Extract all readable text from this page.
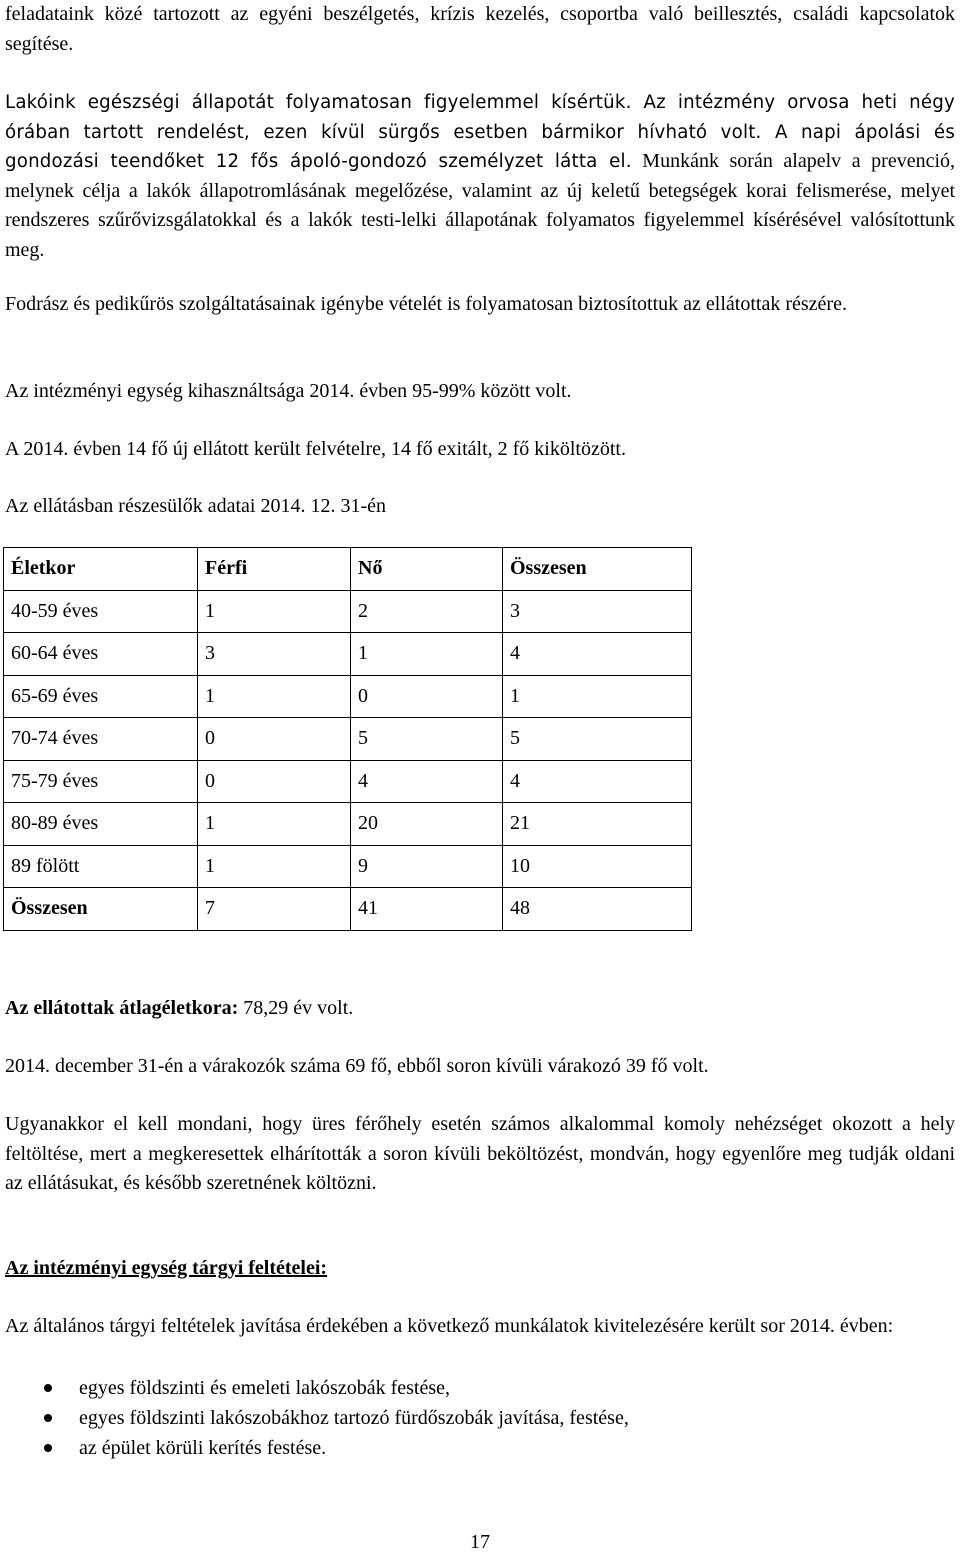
feladataink közé tartozott az egyéni beszélgetés, krízis kezelés, csoportba való beillesztés, családi kapcsolatok segítése.

Lakóink egészségi állapotát folyamatosan figyelemmel kísértük. Az intézmény orvosa heti négy órában tartott rendelést, ezen kívül sürgős esetben bármikor hívható volt. A napi ápolási és gondozási teendőket 12 fős ápoló-gondozó személyzet látta el. Munkánk során alapelv a prevenció, melynek célja a lakók állapotromlásának megelőzése, valamint az új keletű betegségek korai felismerése, melyet rendszeres szűrővizsgálatokkal és a lakók testi-lelki állapotának folyamatos figyelemmel kísérésével valósítottunk meg.

Fodrász és pedikűrös szolgáltatásainak igénybe vételét is folyamatosan biztosítottuk az ellátottak részére.

Az intézményi egység kihasználtsága 2014. évben 95-99% között volt.

A 2014. évben 14 fő új ellátott került felvételre, 14 fő exitált, 2 fő kiköltözött.

Az ellátásban részesülők adatai 2014. 12. 31-én

Életkor	Férfi	Nő	Összesen
40-59 éves	1	2	3
60-64 éves	3	1	4
65-69 éves	1	0	1
70-74 éves	0	5	5
75-79 éves	0	4	4
80-89 éves	1	20	21
89 fölött	1	9	10
Összesen	7	41	48

Az ellátottak átlagéletkora: 78,29 év volt.

2014. december 31-én a várakozók száma 69 fő, ebből soron kívüli várakozó 39 fő volt.

Ugyanakkor el kell mondani, hogy üres férőhely esetén számos alkalommal komoly nehézséget okozott a hely feltöltése, mert a megkeresettek elhárították a soron kívüli beköltözést, mondván, hogy egyenlőre meg tudják oldani az ellátásukat, és később szeretnének költözni.

Az intézményi egység tárgyi feltételei:

Az általános tárgyi feltételek javítása érdekében a következő munkálatok kivitelezésére került sor 2014. évben:

egyes földszinti és emeleti lakószobák festése,
egyes földszinti lakószobákhoz tartozó fürdőszobák javítása, festése,
az épület körüli kerítés festése.
17
